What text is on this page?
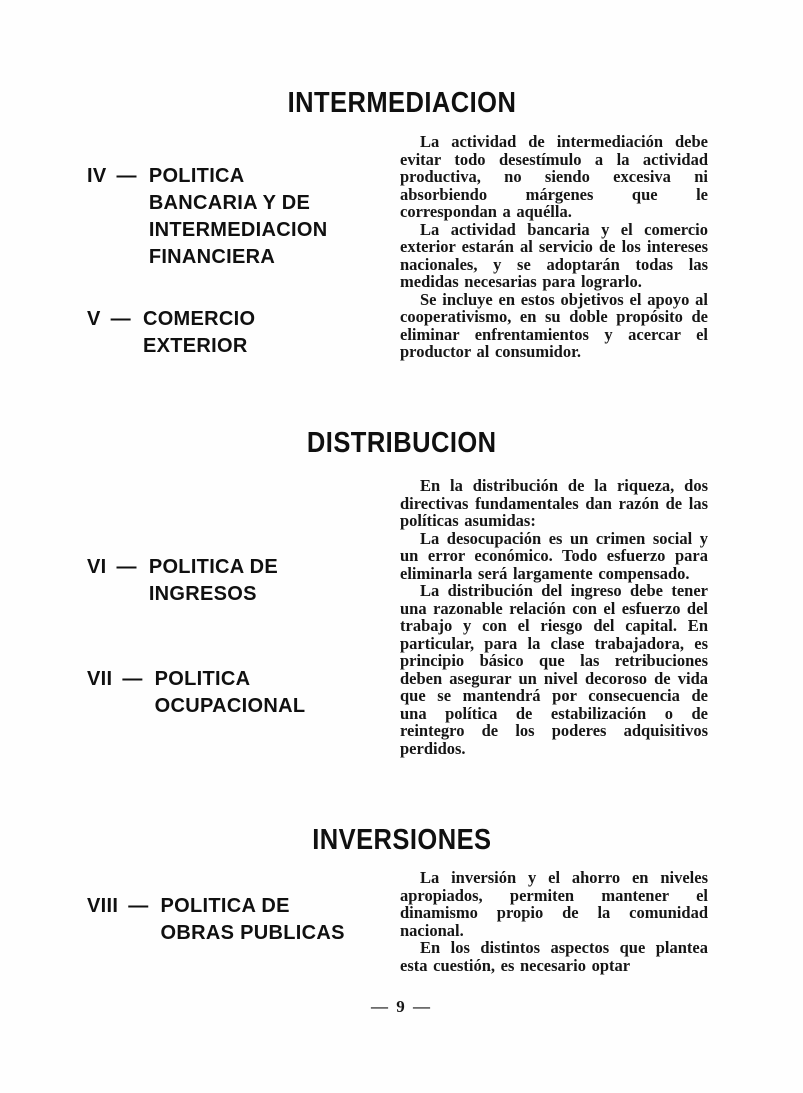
INTERMEDIACION

La actividad de intermediación debe evitar todo desestímulo a la actividad productiva, no siendo excesiva ni absorbiendo márgenes que le correspondan a aquélla.

La actividad bancaria y el comercio exterior estarán al servicio de los intereses nacionales, y se adoptarán todas las medidas necesarias para lograrlo.

Se incluye en estos objetivos el apoyo al cooperativismo, en su doble propósito de eliminar enfrentamientos y acercar el productor al consumidor.

IV — POLITICA
BANCARIA Y DE
INTERMEDIACION
FINANCIERA
V — COMERCIO
EXTERIOR
DISTRIBUCION

En la distribución de la riqueza, dos directivas fundamentales dan razón de las políticas asumidas:

La desocupación es un crimen social y un error económico. Todo esfuerzo para eliminarla será largamente compensado.

La distribución del ingreso debe tener una razonable relación con el esfuerzo del trabajo y con el riesgo del capital. En particular, para la clase trabajadora, es principio básico que las retribuciones deben asegurar un nivel decoroso de vida que se mantendrá por consecuencia de una política de estabilización o de reintegro de los poderes adquisitivos perdidos.

VI — POLITICA DE
INGRESOS
VII — POLITICA
OCUPACIONAL
INVERSIONES

La inversión y el ahorro en niveles apropiados, permiten mantener el dinamismo propio de la comunidad nacional.

En los distintos aspectos que plantea esta cuestión, es necesario optar

VIII — POLITICA DE
OBRAS PUBLICAS
— 9 —
